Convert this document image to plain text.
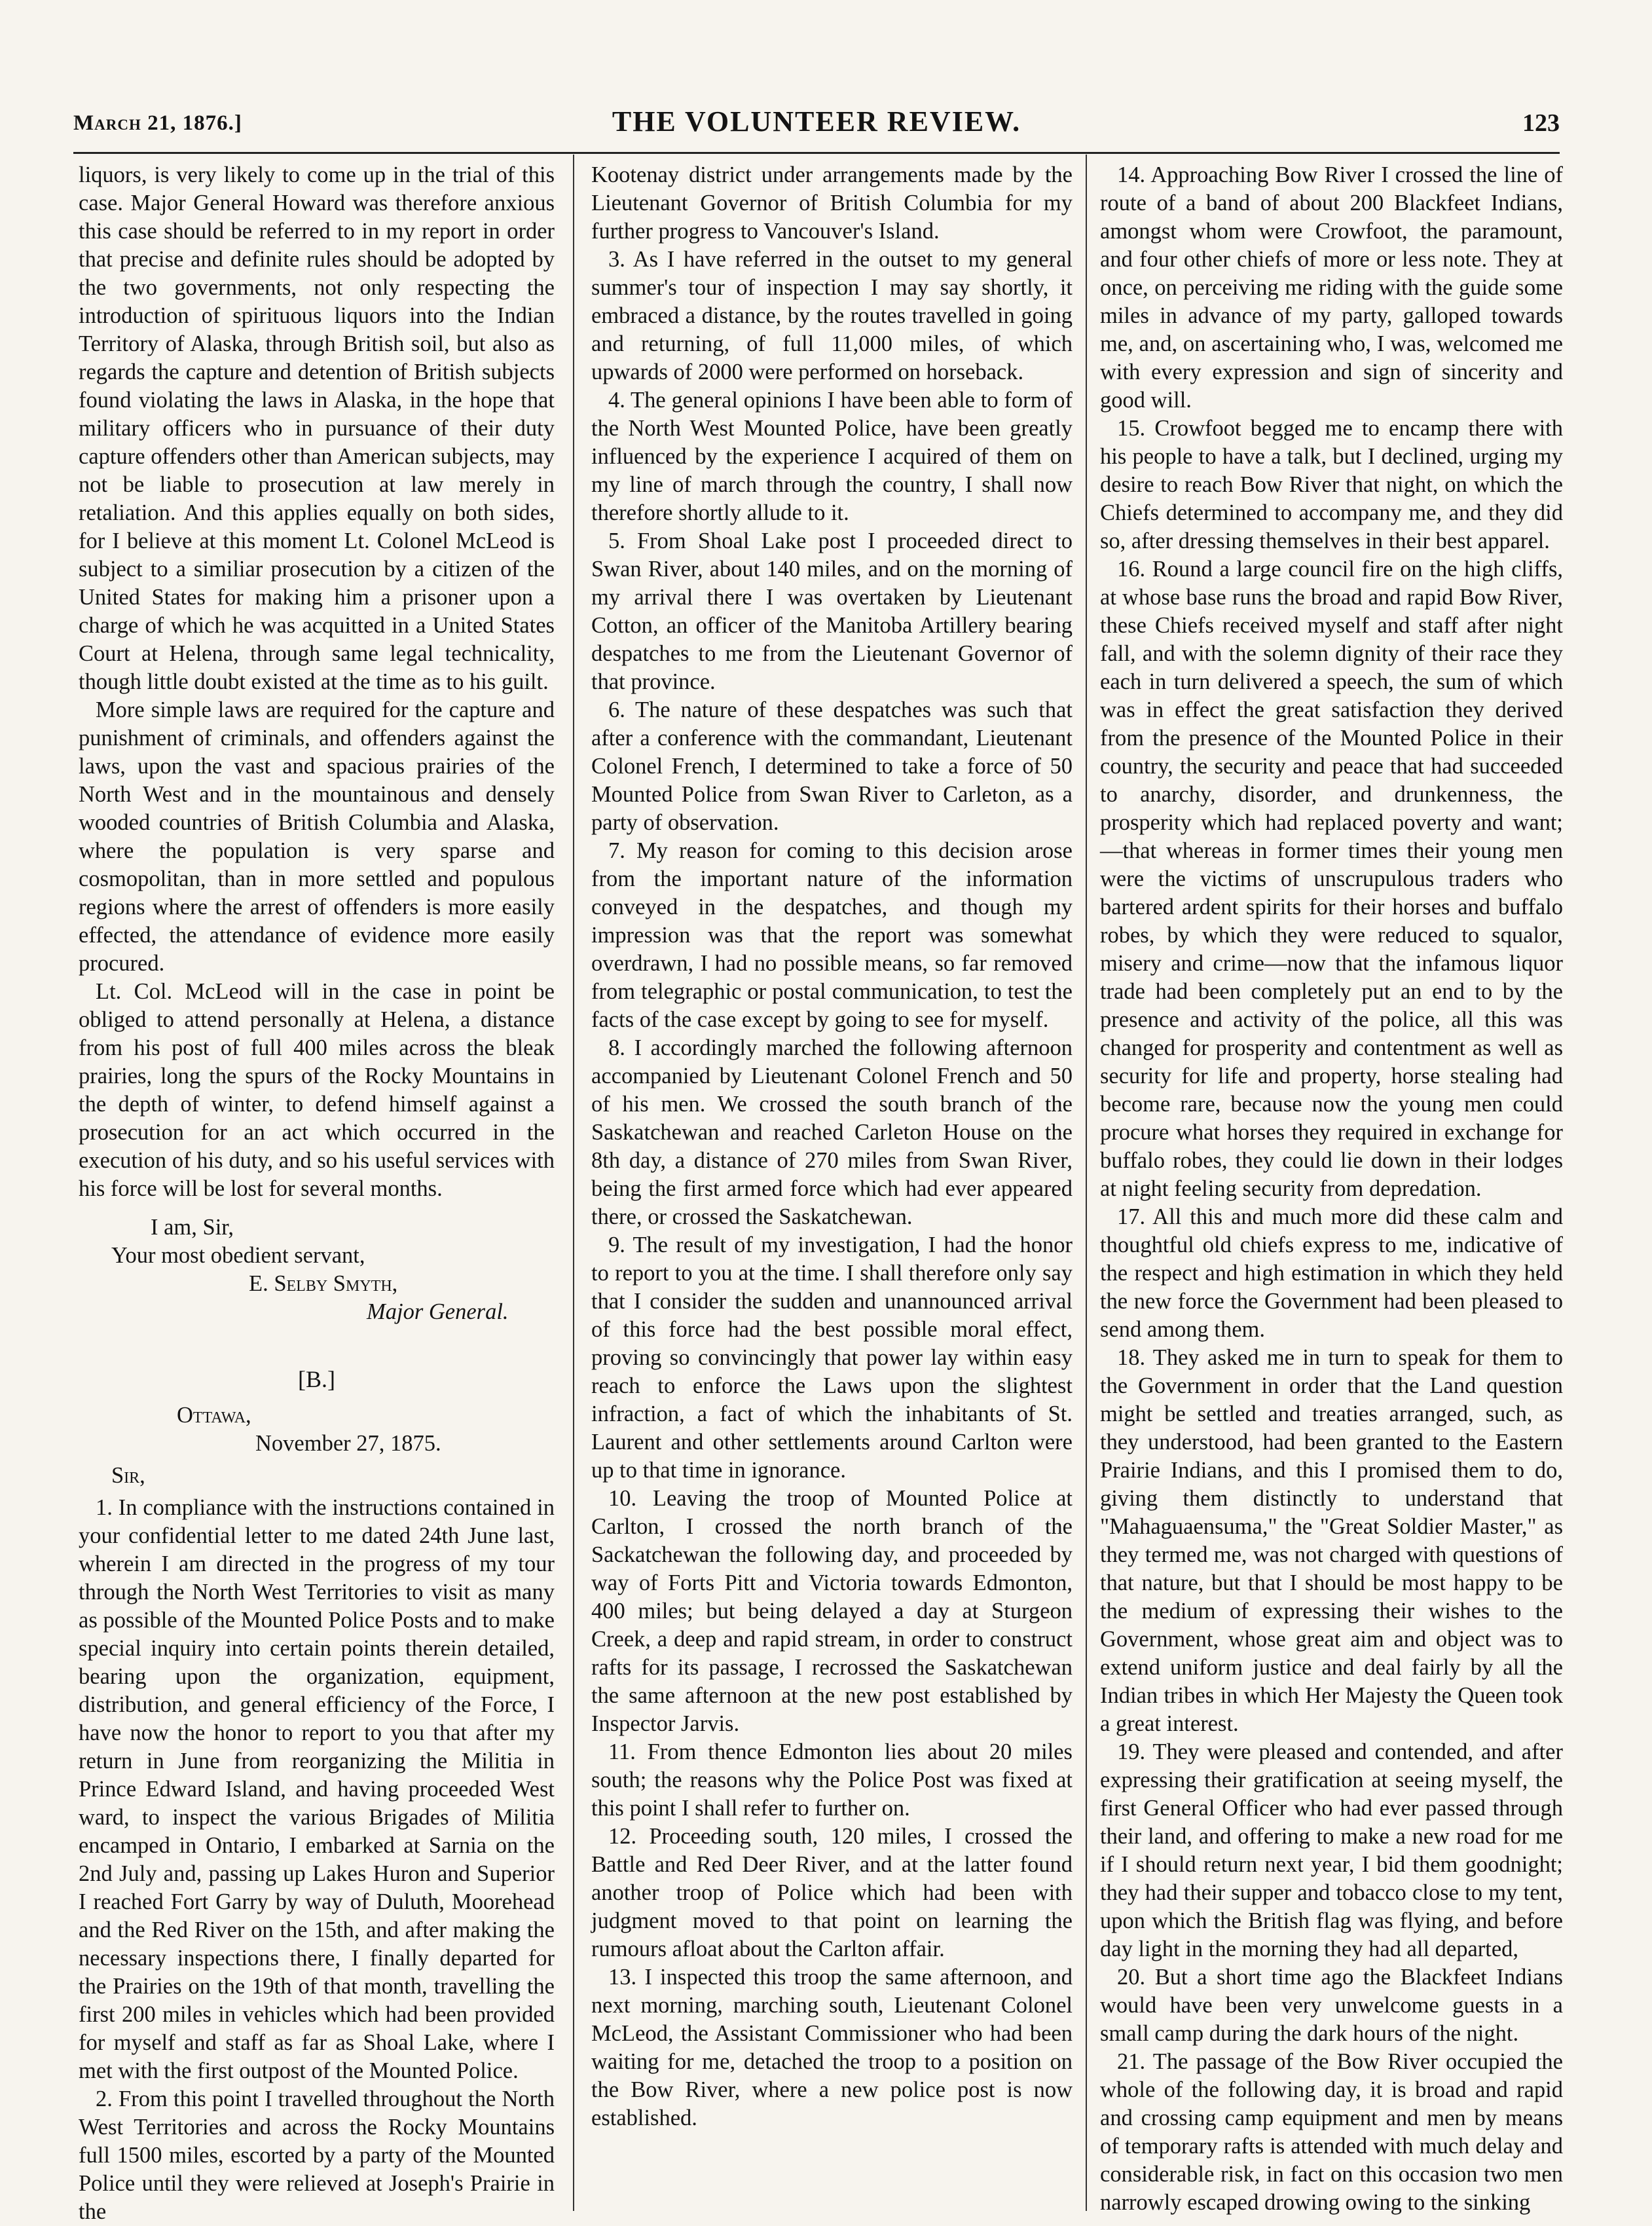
March 21, 1876.]	THE VOLUNTEER REVIEW.	123

liquors, is very likely to come up in the trial of this case. Major General Howard was therefore anxious this case should be referred to in my report in order that precise and definite rules should be adopted by the two governments, not only respecting the introduction of spirituous liquors into the Indian Territory of Alaska, through British soil, but also as regards the capture and detention of British subjects found violating the laws in Alaska, in the hope that military officers who in pursuance of their duty capture offenders other than American subjects, may not be liable to prosecution at law merely in retaliation. And this applies equally on both sides, for I believe at this moment Lt. Colonel McLeod is subject to a similiar prosecution by a citizen of the United States for making him a prisoner upon a charge of which he was acquitted in a United States Court at Helena, through same legal technicality, though little doubt existed at the time as to his guilt.

More simple laws are required for the capture and punishment of criminals, and offenders against the laws, upon the vast and spacious prairies of the North West and in the mountainous and densely wooded countries of British Columbia and Alaska, where the population is very sparse and cosmopolitan, than in more settled and populous regions where the arrest of offenders is more easily effected, the attendance of evidence more easily procured.

Lt. Col. McLeod will in the case in point be obliged to attend personally at Helena, a distance from his post of full 400 miles across the bleak prairies, long the spurs of the Rocky Mountains in the depth of winter, to defend himself against a prosecution for an act which occurred in the execution of his duty, and so his useful services with his force will be lost for several months.

I am, Sir,
Your most obedient servant,
E. Selby Smyth,
Major General.
[B.]
Ottawa,
November 27, 1875.
Sir,

1. In compliance with the instructions contained in your confidential letter to me dated 24th June last, wherein I am directed in the progress of my tour through the North West Territories to visit as many as possible of the Mounted Police Posts and to make special inquiry into certain points therein detailed, bearing upon the organization, equipment, distribution, and general efficiency of the Force, I have now the honor to report to you that after my return in June from reorganizing the Militia in Prince Edward Island, and having proceeded West ward, to inspect the various Brigades of Militia encamped in Ontario, I embarked at Sarnia on the 2nd July and, passing up Lakes Huron and Superior I reached Fort Garry by way of Duluth, Moorehead and the Red River on the 15th, and after making the necessary inspections there, I finally departed for the Prairies on the 19th of that month, travelling the first 200 miles in vehicles which had been provided for myself and staff as far as Shoal Lake, where I met with the first outpost of the Mounted Police.

2. From this point I travelled throughout the North West Territories and across the Rocky Mountains full 1500 miles, escorted by a party of the Mounted Police until they were relieved at Joseph's Prairie in the

Kootenay district under arrangements made by the Lieutenant Governor of British Columbia for my further progress to Vancouver's Island.

3. As I have referred in the outset to my general summer's tour of inspection I may say shortly, it embraced a distance, by the routes travelled in going and returning, of full 11,000 miles, of which upwards of 2000 were performed on horseback.

4. The general opinions I have been able to form of the North West Mounted Police, have been greatly influenced by the experience I acquired of them on my line of march through the country, I shall now therefore shortly allude to it.

5. From Shoal Lake post I proceeded direct to Swan River, about 140 miles, and on the morning of my arrival there I was overtaken by Lieutenant Cotton, an officer of the Manitoba Artillery bearing despatches to me from the Lieutenant Governor of that province.

6. The nature of these despatches was such that after a conference with the commandant, Lieutenant Colonel French, I determined to take a force of 50 Mounted Police from Swan River to Carleton, as a party of observation.

7. My reason for coming to this decision arose from the important nature of the information conveyed in the despatches, and though my impression was that the report was somewhat overdrawn, I had no possible means, so far removed from telegraphic or postal communication, to test the facts of the case except by going to see for myself.

8. I accordingly marched the following afternoon accompanied by Lieutenant Colonel French and 50 of his men. We crossed the south branch of the Saskatchewan and reached Carleton House on the 8th day, a distance of 270 miles from Swan River, being the first armed force which had ever appeared there, or crossed the Saskatchewan.

9. The result of my investigation, I had the honor to report to you at the time. I shall therefore only say that I consider the sudden and unannounced arrival of this force had the best possible moral effect, proving so convincingly that power lay within easy reach to enforce the Laws upon the slightest infraction, a fact of which the inhabitants of St. Laurent and other settlements around Carlton were up to that time in ignorance.

10. Leaving the troop of Mounted Police at Carlton, I crossed the north branch of the Sackatchewan the following day, and proceeded by way of Forts Pitt and Victoria towards Edmonton, 400 miles; but being delayed a day at Sturgeon Creek, a deep and rapid stream, in order to construct rafts for its passage, I recrossed the Saskatchewan the same afternoon at the new post established by Inspector Jarvis.

11. From thence Edmonton lies about 20 miles south; the reasons why the Police Post was fixed at this point I shall refer to further on.

12. Proceeding south, 120 miles, I crossed the Battle and Red Deer River, and at the latter found another troop of Police which had been with judgment moved to that point on learning the rumours afloat about the Carlton affair.

13. I inspected this troop the same afternoon, and next morning, marching south, Lieutenant Colonel McLeod, the Assistant Commissioner who had been waiting for me, detached the troop to a position on the Bow River, where a new police post is now established.

14. Approaching Bow River I crossed the line of route of a band of about 200 Blackfeet Indians, amongst whom were Crowfoot, the paramount, and four other chiefs of more or less note. They at once, on perceiving me riding with the guide some miles in advance of my party, galloped towards me, and, on ascertaining who, I was, welcomed me with every expression and sign of sincerity and good will.

15. Crowfoot begged me to encamp there with his people to have a talk, but I declined, urging my desire to reach Bow River that night, on which the Chiefs determined to accompany me, and they did so, after dressing themselves in their best apparel.

16. Round a large council fire on the high cliffs, at whose base runs the broad and rapid Bow River, these Chiefs received myself and staff after night fall, and with the solemn dignity of their race they each in turn delivered a speech, the sum of which was in effect the great satisfaction they derived from the presence of the Mounted Police in their country, the security and peace that had succeeded to anarchy, disorder, and drunkenness, the prosperity which had replaced poverty and want;—that whereas in former times their young men were the victims of unscrupulous traders who bartered ardent spirits for their horses and buffalo robes, by which they were reduced to squalor, misery and crime—now that the infamous liquor trade had been completely put an end to by the presence and activity of the police, all this was changed for prosperity and contentment as well as security for life and property, horse stealing had become rare, because now the young men could procure what horses they required in exchange for buffalo robes, they could lie down in their lodges at night feeling security from depredation.

17. All this and much more did these calm and thoughtful old chiefs express to me, indicative of the respect and high estimation in which they held the new force the Government had been pleased to send among them.

18. They asked me in turn to speak for them to the Government in order that the Land question might be settled and treaties arranged, such, as they understood, had been granted to the Eastern Prairie Indians, and this I promised them to do, giving them distinctly to understand that "Mahaguaensuma," the "Great Soldier Master," as they termed me, was not charged with questions of that nature, but that I should be most happy to be the medium of expressing their wishes to the Government, whose great aim and object was to extend uniform justice and deal fairly by all the Indian tribes in which Her Majesty the Queen took a great interest.

19. They were pleased and contended, and after expressing their gratification at seeing myself, the first General Officer who had ever passed through their land, and offering to make a new road for me if I should return next year, I bid them goodnight; they had their supper and tobacco close to my tent, upon which the British flag was flying, and before day light in the morning they had all departed,

20. But a short time ago the Blackfeet Indians would have been very unwelcome guests in a small camp during the dark hours of the night.

21. The passage of the Bow River occupied the whole of the following day, it is broad and rapid and crossing camp equipment and men by means of temporary rafts is attended with much delay and considerable risk, in fact on this occasion two men narrowly escaped drowing owing to the sinking
